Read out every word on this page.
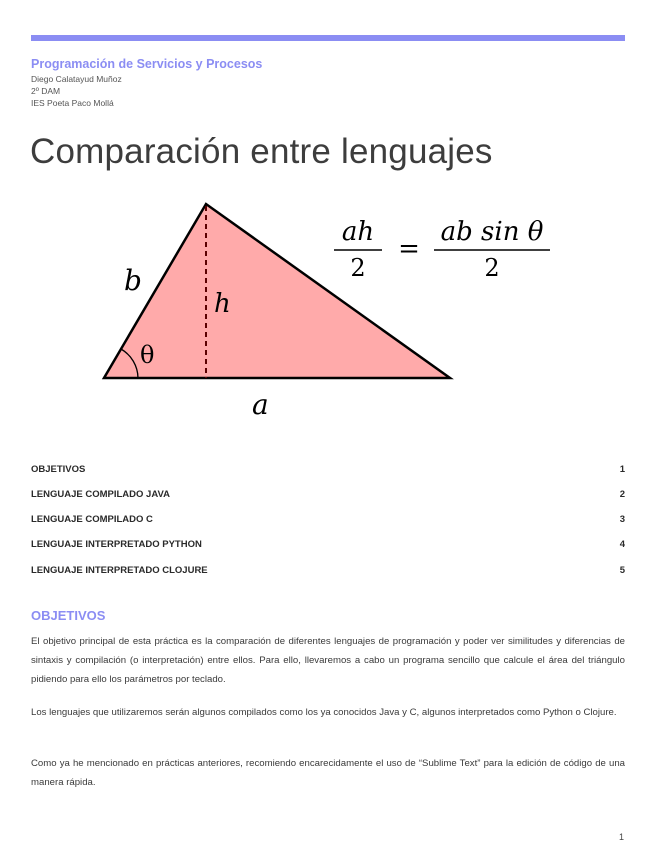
Programación de Servicios y Procesos
Diego Calatayud Muñoz
2º DAM
IES Poeta Paco Mollá
Comparación entre lenguajes
b
h
θ
a
ah
2
=
ab sin θ
2
OBJETIVOS	1
LENGUAJE COMPILADO JAVA	2
LENGUAJE COMPILADO C	3
LENGUAJE INTERPRETADO PYTHON	4
LENGUAJE INTERPRETADO CLOJURE	5
OBJETIVOS
El objetivo principal de esta práctica es la comparación de diferentes lenguajes de programación y poder ver similitudes y diferencias de sintaxis y compilación (o interpretación) entre ellos. Para ello, llevaremos a cabo un programa sencillo que calcule el área del triángulo pidiendo para ello los parámetros por teclado.
Los lenguajes que utilizaremos serán algunos compilados como los ya conocidos Java y C, algunos interpretados como Python o Clojure.
Como ya he mencionado en prácticas anteriores, recomiendo encarecidamente el uso de “Sublime Text” para la edición de código de una manera rápida.
1
